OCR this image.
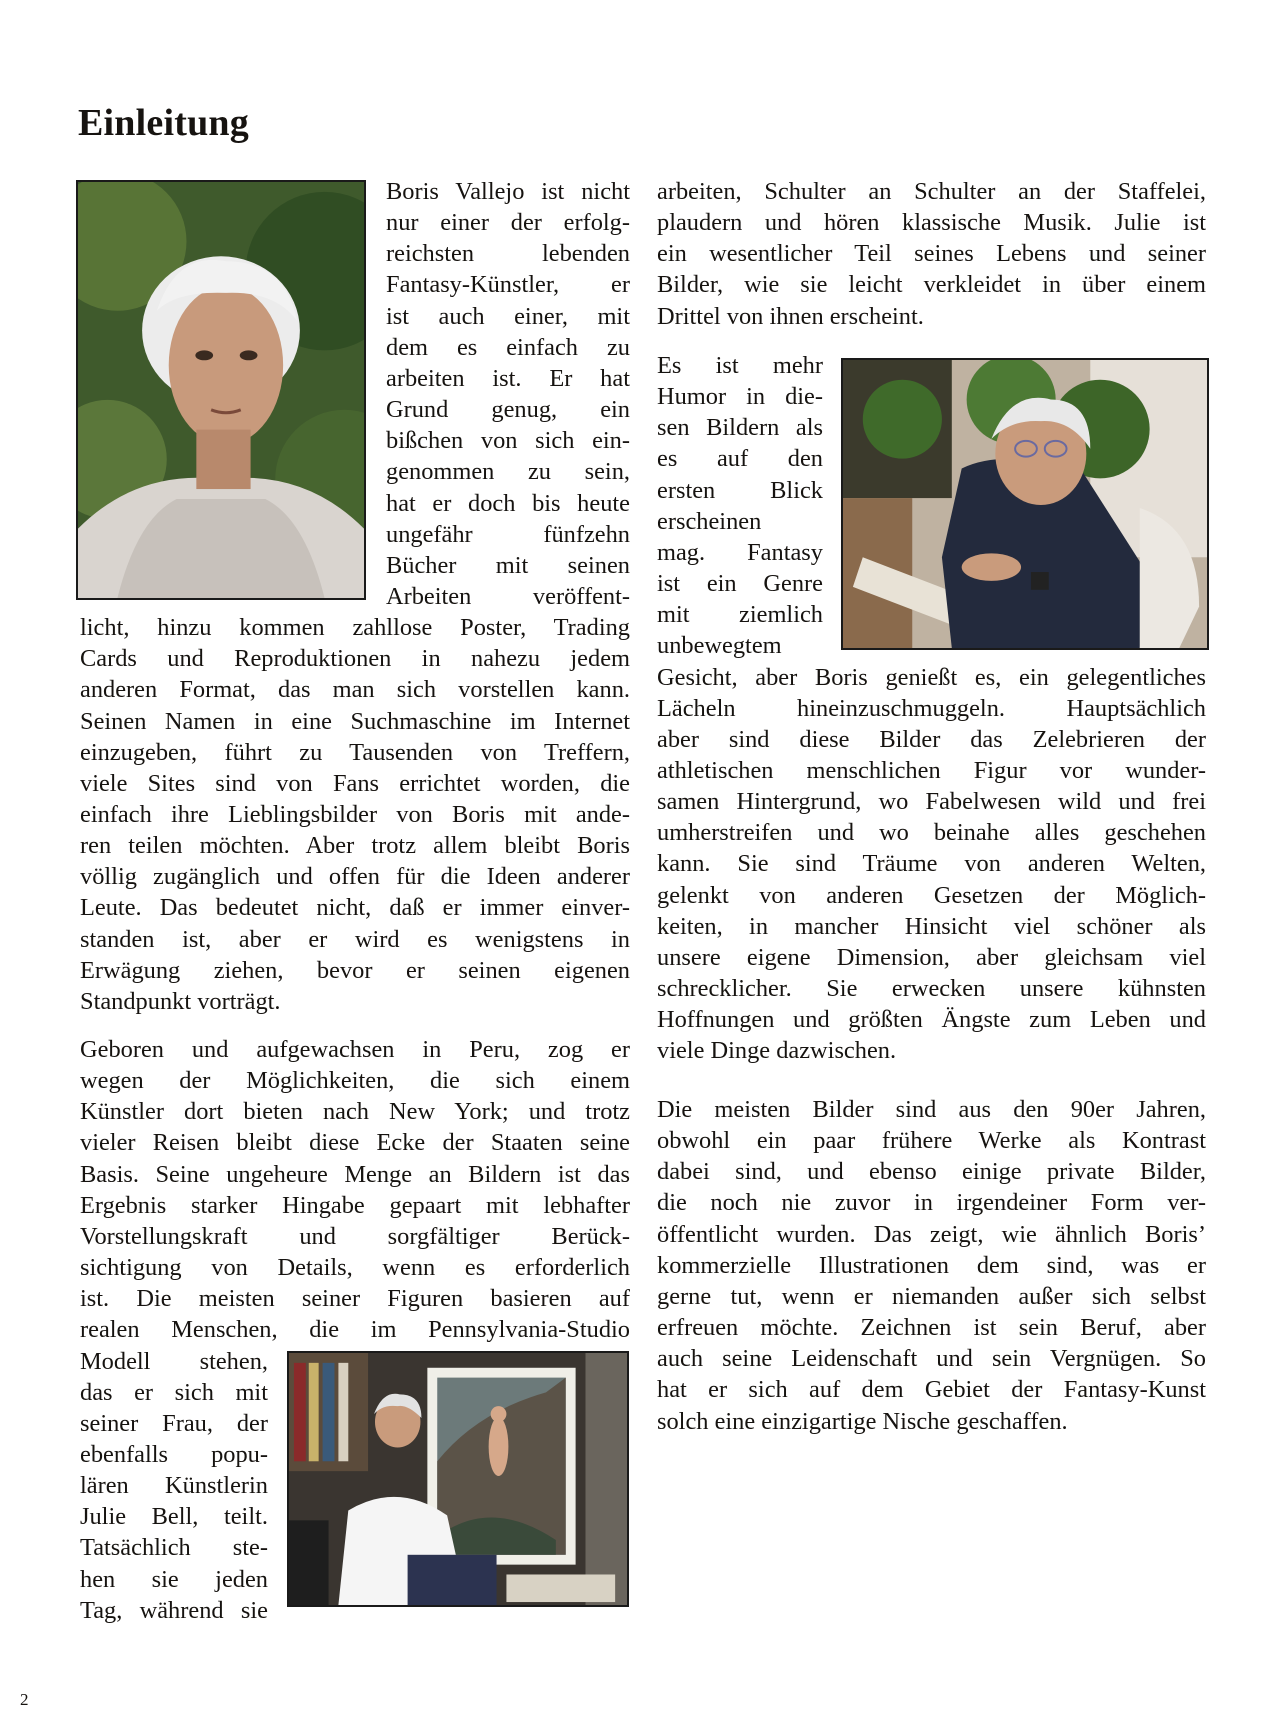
Einleitung
Boris Vallejo ist nicht
nur einer der erfolg-
reichsten lebenden
Fantasy-Künstler, er
ist auch einer, mit
dem es einfach zu
arbeiten ist. Er hat
Grund genug, ein
bißchen von sich ein-
genommen zu sein,
hat er doch bis heute
ungefähr fünfzehn
Bücher mit seinen
Arbeiten veröffent-
licht, hinzu kommen zahllose Poster, Trading
Cards und Reproduktionen in nahezu jedem
anderen Format, das man sich vorstellen kann.
Seinen Namen in eine Suchmaschine im Internet
einzugeben, führt zu Tausenden von Treffern,
viele Sites sind von Fans errichtet worden, die
einfach ihre Lieblingsbilder von Boris mit ande-
ren teilen möchten. Aber trotz allem bleibt Boris
völlig zugänglich und offen für die Ideen anderer
Leute. Das bedeutet nicht, daß er immer einver-
standen ist, aber er wird es wenigstens in
Erwägung ziehen, bevor er seinen eigenen
Standpunkt vorträgt.
Geboren und aufgewachsen in Peru, zog er
wegen der Möglichkeiten, die sich einem
Künstler dort bieten nach New York; und trotz
vieler Reisen bleibt diese Ecke der Staaten seine
Basis. Seine ungeheure Menge an Bildern ist das
Ergebnis starker Hingabe gepaart mit lebhafter
Vorstellungskraft und sorgfältiger Berück-
sichtigung von Details, wenn es erforderlich
ist. Die meisten seiner Figuren basieren auf
realen Menschen, die im Pennsylvania-Studio
Modell stehen,
das er sich mit
seiner Frau, der
ebenfalls popu-
lären Künstlerin
Julie Bell, teilt.
Tatsächlich ste-
hen sie jeden
Tag, während sie
arbeiten, Schulter an Schulter an der Staffelei,
plaudern und hören klassische Musik. Julie ist
ein wesentlicher Teil seines Lebens und seiner
Bilder, wie sie leicht verkleidet in über einem
Drittel von ihnen erscheint.
Es ist mehr
Humor in die-
sen Bildern als
es auf den
ersten Blick
erscheinen
mag. Fantasy
ist ein Genre
mit ziemlich
unbewegtem
Gesicht, aber Boris genießt es, ein gelegentliches
Lächeln hineinzuschmuggeln. Hauptsächlich
aber sind diese Bilder das Zelebrieren der
athletischen menschlichen Figur vor wunder-
samen Hintergrund, wo Fabelwesen wild und frei
umherstreifen und wo beinahe alles geschehen
kann. Sie sind Träume von anderen Welten,
gelenkt von anderen Gesetzen der Möglich-
keiten, in mancher Hinsicht viel schöner als
unsere eigene Dimension, aber gleichsam viel
schrecklicher. Sie erwecken unsere kühnsten
Hoffnungen und größten Ängste zum Leben und
viele Dinge dazwischen.
Die meisten Bilder sind aus den 90er Jahren,
obwohl ein paar frühere Werke als Kontrast
dabei sind, und ebenso einige private Bilder,
die noch nie zuvor in irgendeiner Form ver-
öffentlicht wurden. Das zeigt, wie ähnlich Boris’
kommerzielle Illustrationen dem sind, was er
gerne tut, wenn er niemanden außer sich selbst
erfreuen möchte. Zeichnen ist sein Beruf, aber
auch seine Leidenschaft und sein Vergnügen. So
hat er sich auf dem Gebiet der Fantasy-Kunst
solch eine einzigartige Nische geschaffen.
2
